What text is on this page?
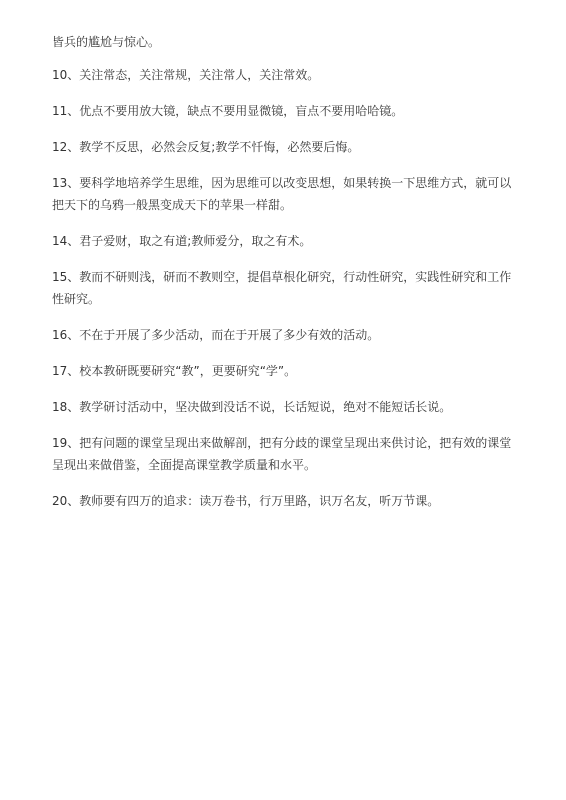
皆兵的尴尬与惊心。

10、关注常态，关注常规，关注常人，关注常效。

11、优点不要用放大镜，缺点不要用显微镜，盲点不要用哈哈镜。

12、教学不反思，必然会反复;教学不忏悔，必然要后悔。

13、要科学地培养学生思维，因为思维可以改变思想，如果转换一下思维方式，就可以把天下的乌鸦一般黑变成天下的苹果一样甜。

14、君子爱财，取之有道;教师爱分，取之有术。

15、教而不研则浅，研而不教则空，提倡草根化研究，行动性研究，实践性研究和工作性研究。

16、不在于开展了多少活动，而在于开展了多少有效的活动。

17、校本教研既要研究“教”，更要研究“学”。

18、教学研讨活动中，坚决做到没话不说，长话短说，绝对不能短话长说。

19、把有问题的课堂呈现出来做解剖，把有分歧的课堂呈现出来供讨论，把有效的课堂呈现出来做借鉴，全面提高课堂教学质量和水平。

20、教师要有四万的追求：读万卷书，行万里路，识万名友，听万节课。
